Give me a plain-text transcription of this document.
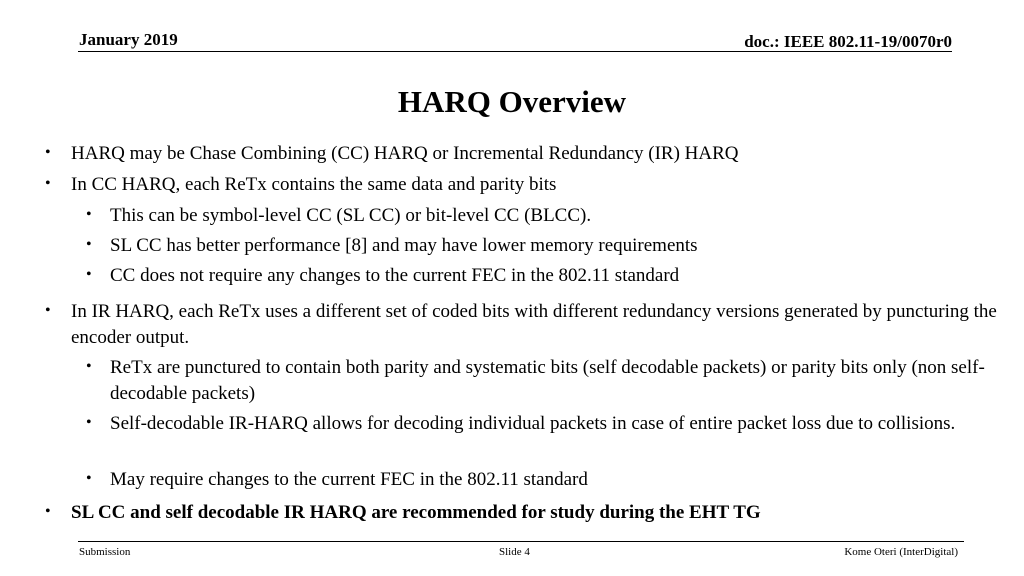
January 2019	doc.: IEEE 802.11-19/0070r0
HARQ Overview
• HARQ may be Chase Combining (CC) HARQ or Incremental Redundancy (IR) HARQ
• In CC HARQ, each ReTx contains the same data and parity bits
• This can be symbol-level CC (SL CC) or bit-level CC (BLCC).
• SL CC has better performance [8] and may have lower memory requirements
• CC does not require any changes to the current FEC in the 802.11 standard
• In IR HARQ, each ReTx uses a different set of coded bits with different redundancy versions generated by puncturing the encoder output.
• ReTx are punctured to contain both parity and systematic bits (self decodable packets) or parity bits only (non self-decodable packets)
• Self-decodable IR-HARQ allows for decoding individual packets in case of entire packet loss due to collisions.
• May require changes to the current FEC in the 802.11 standard
• SL CC and self decodable IR HARQ are recommended for study during the EHT TG
Submission	Slide 4	Kome Oteri (InterDigital)
